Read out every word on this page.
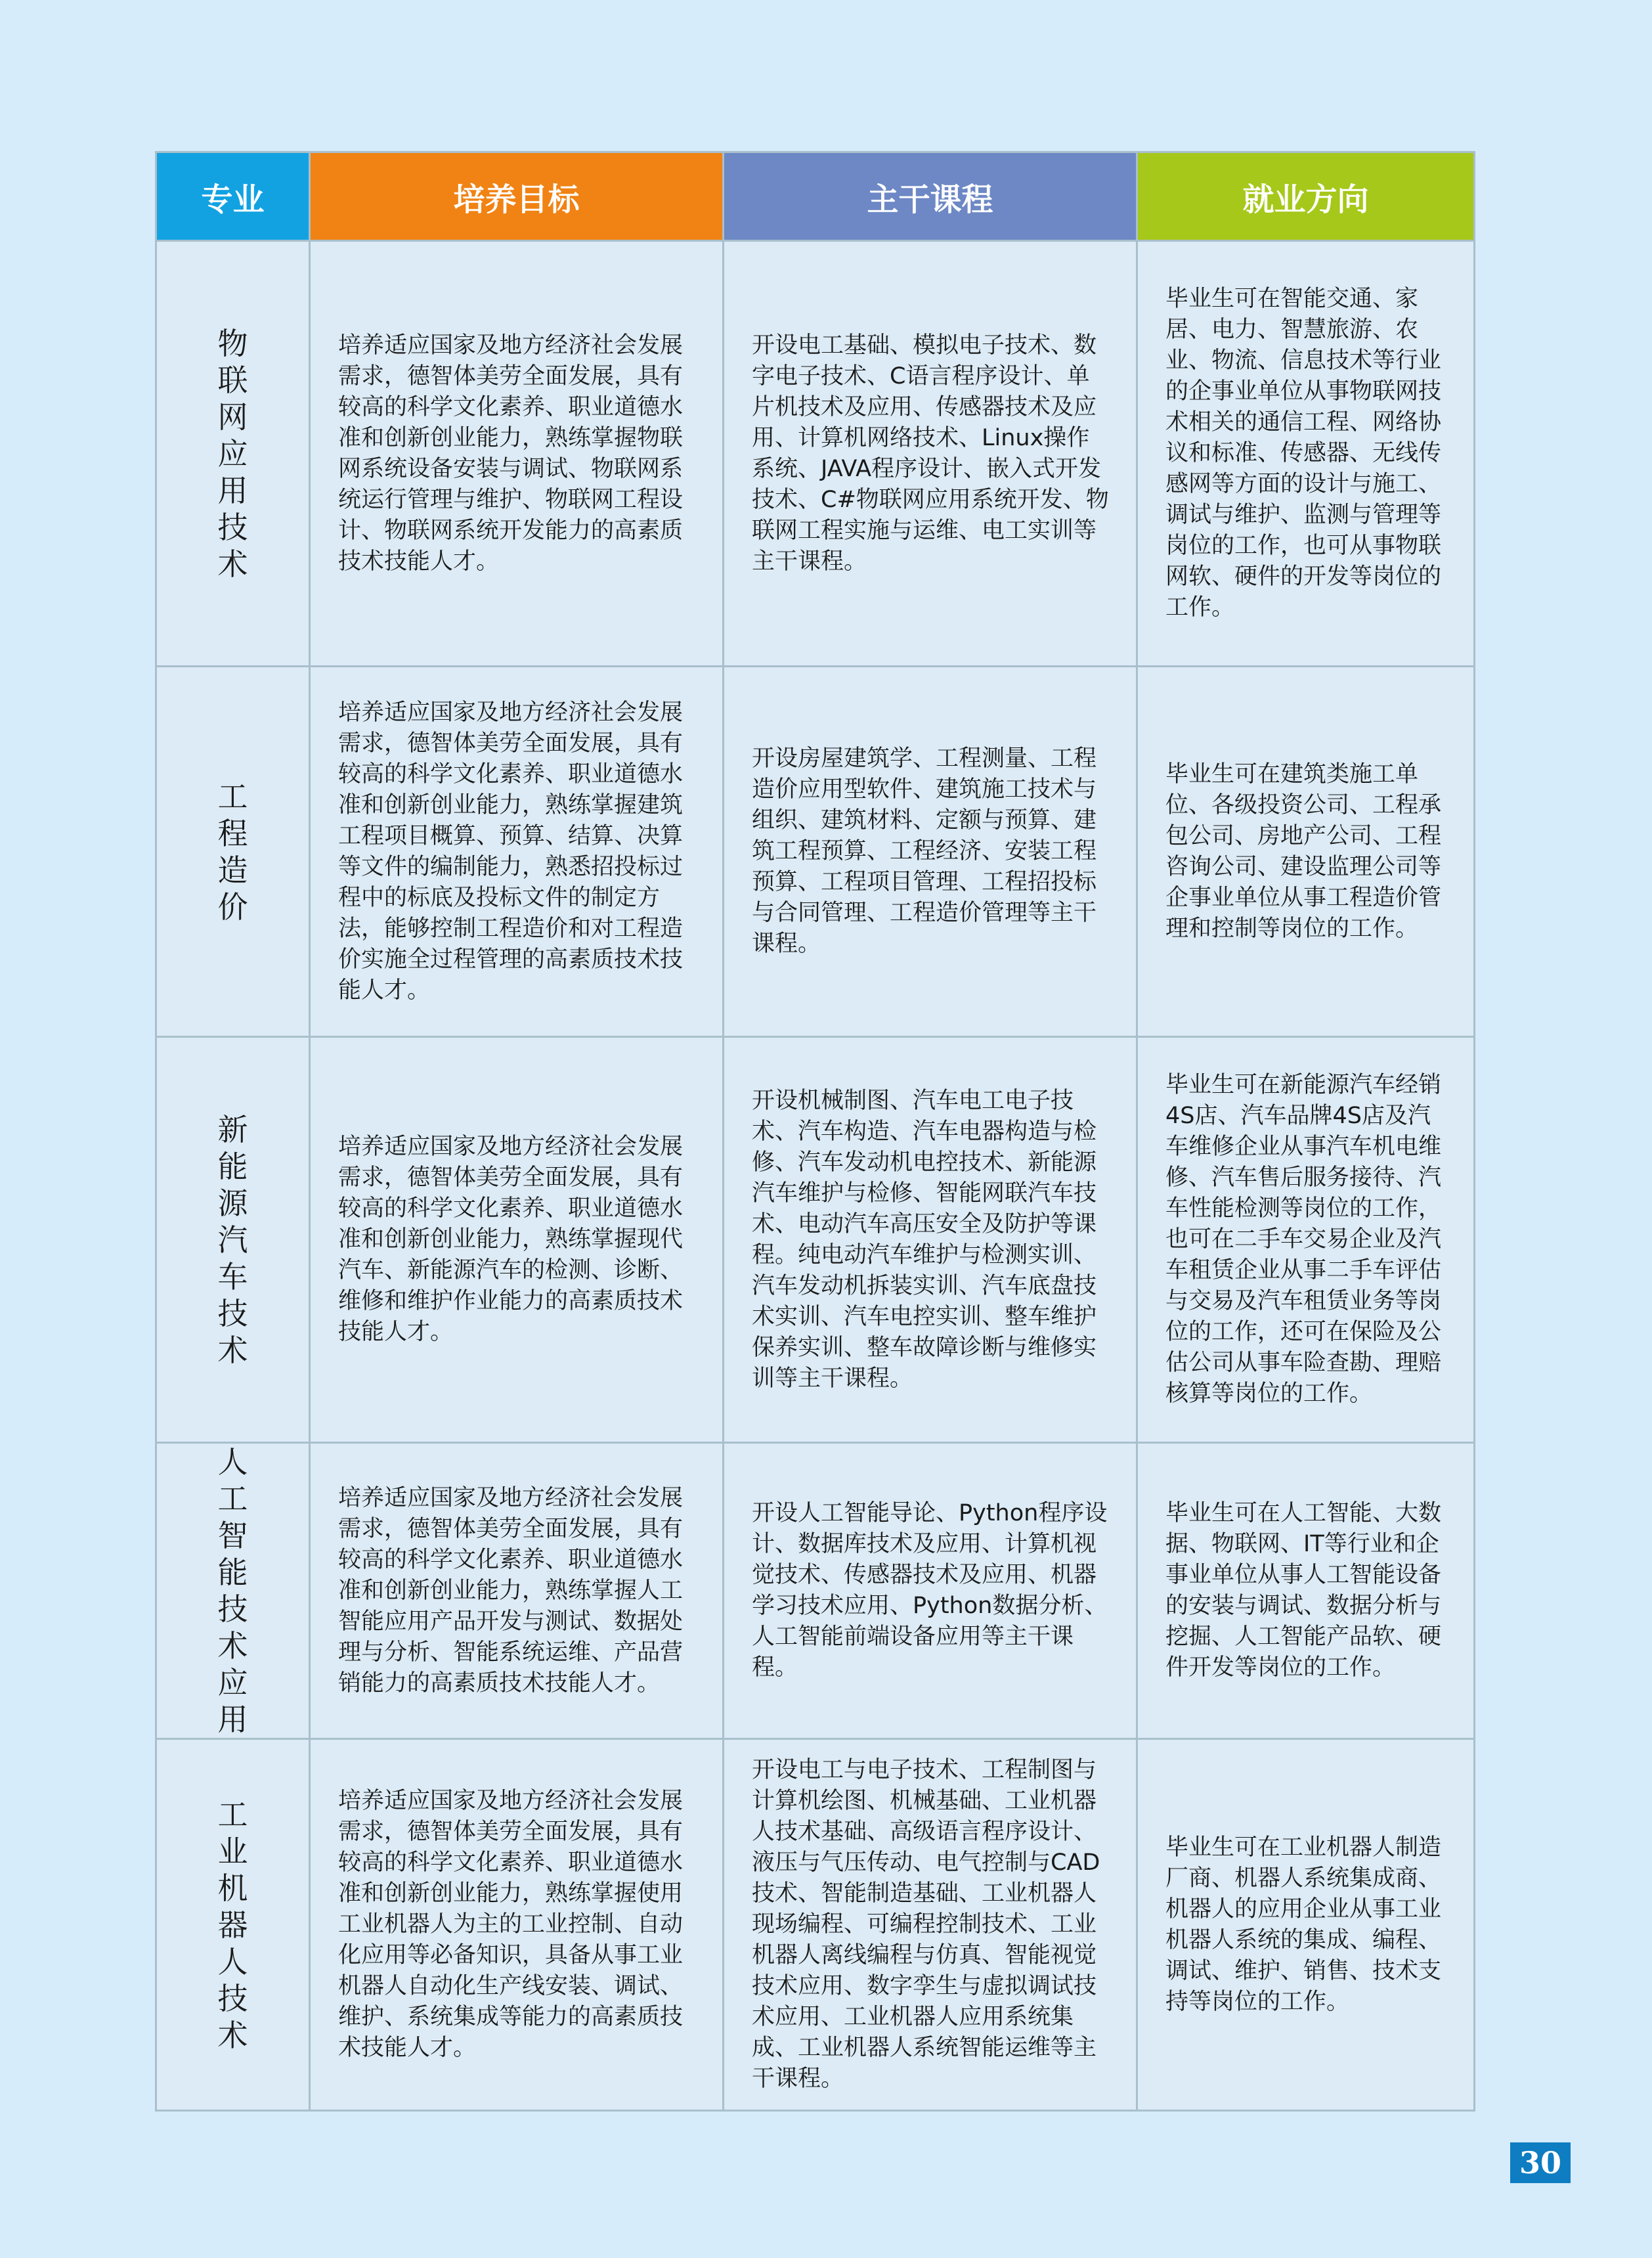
专业	培养目标	主干课程	就业方向
物联网应用技术	培养适应国家及地方经济社会发展需求，德智体美劳全面发展，具有较高的科学文化素养、职业道德水准和创新创业能力，熟练掌握物联网系统设备安装与调试、物联网系统运行管理与维护、物联网工程设计、物联网系统开发能力的高素质技术技能人才。	开设电工基础、模拟电子技术、数字电子技术、C语言程序设计、单片机技术及应用、传感器技术及应用、计算机网络技术、Linux操作系统、JAVA程序设计、嵌入式开发技术、C#物联网应用系统开发、物联网工程实施与运维、电工实训等主干课程。	毕业生可在智能交通、家居、电力、智慧旅游、农业、物流、信息技术等行业的企事业单位从事物联网技术相关的通信工程、网络协议和标准、传感器、无线传感网等方面的设计与施工、调试与维护、监测与管理等岗位的工作，也可从事物联网软、硬件的开发等岗位的工作。
工程造价	培养适应国家及地方经济社会发展需求，德智体美劳全面发展，具有较高的科学文化素养、职业道德水准和创新创业能力，熟练掌握建筑工程项目概算、预算、结算、决算等文件的编制能力，熟悉招投标过程中的标底及投标文件的制定方法，能够控制工程造价和对工程造价实施全过程管理的高素质技术技能人才。	开设房屋建筑学、工程测量、工程造价应用型软件、建筑施工技术与组织、建筑材料、定额与预算、建筑工程预算、工程经济、安装工程预算、工程项目管理、工程招投标与合同管理、工程造价管理等主干课程。	毕业生可在建筑类施工单位、各级投资公司、工程承包公司、房地产公司、工程咨询公司、建设监理公司等企事业单位从事工程造价管理和控制等岗位的工作。
新能源汽车技术	培养适应国家及地方经济社会发展需求，德智体美劳全面发展，具有较高的科学文化素养、职业道德水准和创新创业能力，熟练掌握现代汽车、新能源汽车的检测、诊断、维修和维护作业能力的高素质技术技能人才。	开设机械制图、汽车电工电子技术、汽车构造、汽车电器构造与检修、汽车发动机电控技术、新能源汽车维护与检修、智能网联汽车技术、电动汽车高压安全及防护等课程。纯电动汽车维护与检测实训、汽车发动机拆装实训、汽车底盘技术实训、汽车电控实训、整车维护保养实训、整车故障诊断与维修实训等主干课程。	毕业生可在新能源汽车经销4S店、汽车品牌4S店及汽车维修企业从事汽车机电维修、汽车售后服务接待、汽车性能检测等岗位的工作，也可在二手车交易企业及汽车租赁企业从事二手车评估与交易及汽车租赁业务等岗位的工作，还可在保险及公估公司从事车险查勘、理赔核算等岗位的工作。
人工智能技术应用	培养适应国家及地方经济社会发展需求，德智体美劳全面发展，具有较高的科学文化素养、职业道德水准和创新创业能力，熟练掌握人工智能应用产品开发与测试、数据处理与分析、智能系统运维、产品营销能力的高素质技术技能人才。	开设人工智能导论、Python程序设计、数据库技术及应用、计算机视觉技术、传感器技术及应用、机器学习技术应用、Python数据分析、人工智能前端设备应用等主干课程。	毕业生可在人工智能、大数据、物联网、IT等行业和企事业单位从事人工智能设备的安装与调试、数据分析与挖掘、人工智能产品软、硬件开发等岗位的工作。
工业机器人技术	培养适应国家及地方经济社会发展需求，德智体美劳全面发展，具有较高的科学文化素养、职业道德水准和创新创业能力，熟练掌握使用工业机器人为主的工业控制、自动化应用等必备知识，具备从事工业机器人自动化生产线安装、调试、维护、系统集成等能力的高素质技术技能人才。	开设电工与电子技术、工程制图与计算机绘图、机械基础、工业机器人技术基础、高级语言程序设计、液压与气压传动、电气控制与CAD技术、智能制造基础、工业机器人现场编程、可编程控制技术、工业机器人离线编程与仿真、智能视觉技术应用、数字孪生与虚拟调试技术应用、工业机器人应用系统集成、工业机器人系统智能运维等主干课程。	毕业生可在工业机器人制造厂商、机器人系统集成商、机器人的应用企业从事工业机器人系统的集成、编程、调试、维护、销售、技术支持等岗位的工作。
30
